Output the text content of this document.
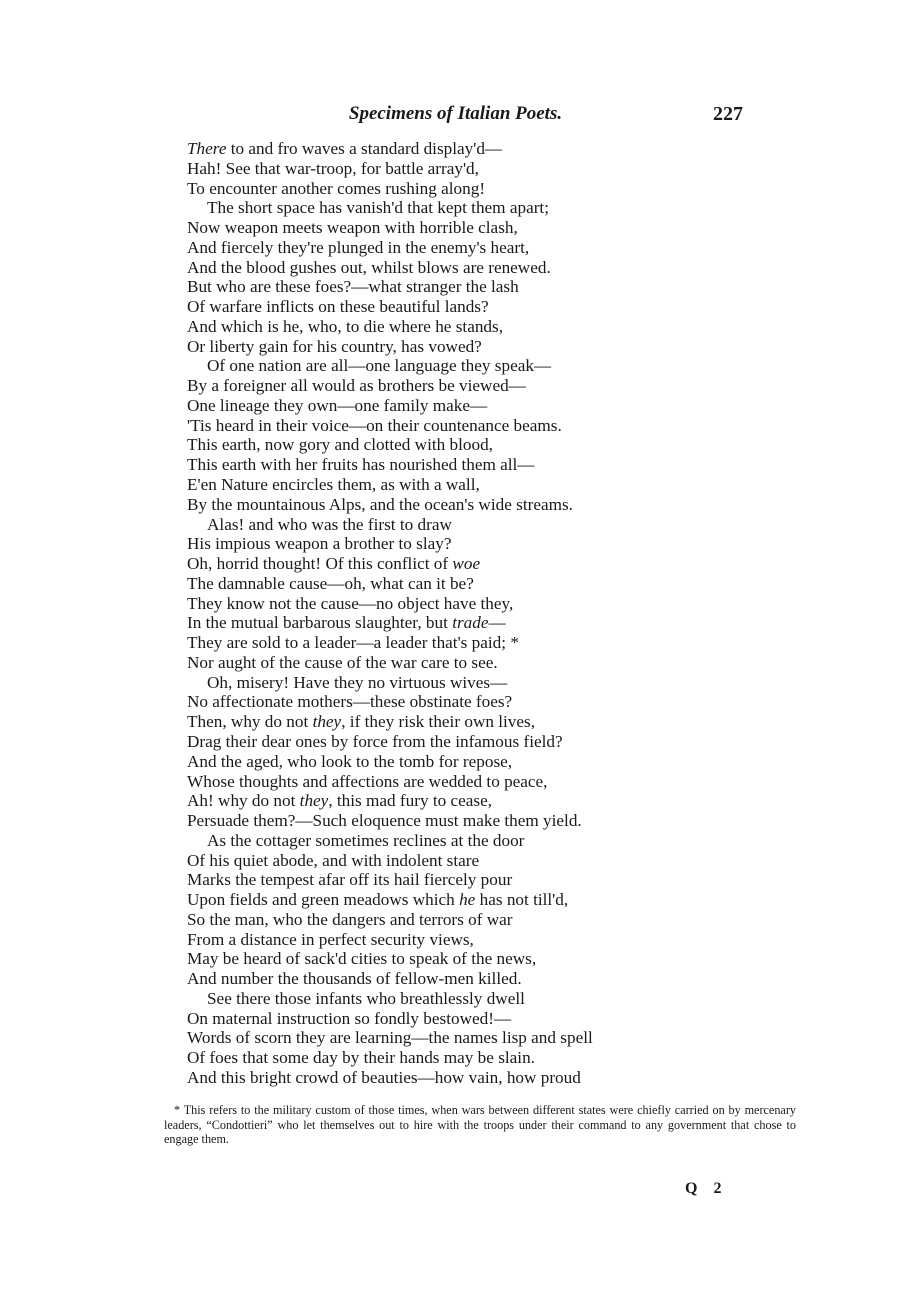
Specimens of Italian Poets.	227
There to and fro waves a standard display'd—
Hah! See that war-troop, for battle array'd,
To encounter another comes rushing along!
The short space has vanish'd that kept them apart;
Now weapon meets weapon with horrible clash,
And fiercely they're plunged in the enemy's heart,
And the blood gushes out, whilst blows are renewed.
But who are these foes?—what stranger the lash
Of warfare inflicts on these beautiful lands?
And which is he, who, to die where he stands,
Or liberty gain for his country, has vowed?
Of one nation are all—one language they speak—
By a foreigner all would as brothers be viewed—
One lineage they own—one family make—
'Tis heard in their voice—on their countenance beams.
This earth, now gory and clotted with blood,
This earth with her fruits has nourished them all—
E'en Nature encircles them, as with a wall,
By the mountainous Alps, and the ocean's wide streams.
Alas! and who was the first to draw
His impious weapon a brother to slay?
Oh, horrid thought! Of this conflict of woe
The damnable cause—oh, what can it be?
They know not the cause—no object have they,
In the mutual barbarous slaughter, but trade—
They are sold to a leader—a leader that's paid; *
Nor aught of the cause of the war care to see.
Oh, misery! Have they no virtuous wives—
No affectionate mothers—these obstinate foes?
Then, why do not they, if they risk their own lives,
Drag their dear ones by force from the infamous field?
And the aged, who look to the tomb for repose,
Whose thoughts and affections are wedded to peace,
Ah! why do not they, this mad fury to cease,
Persuade them?—Such eloquence must make them yield.
As the cottager sometimes reclines at the door
Of his quiet abode, and with indolent stare
Marks the tempest afar off its hail fiercely pour
Upon fields and green meadows which he has not till'd,
So the man, who the dangers and terrors of war
From a distance in perfect security views,
May be heard of sack'd cities to speak of the news,
And number the thousands of fellow-men killed.
See there those infants who breathlessly dwell
On maternal instruction so fondly bestowed!—
Words of scorn they are learning—the names lisp and spell
Of foes that some day by their hands may be slain.
And this bright crowd of beauties—how vain, how proud
* This refers to the military custom of those times, when wars between different states were chiefly carried on by mercenary leaders, “Condottieri” who let themselves out to hire with the troops under their command to any government that chose to engage them.
Q 2
